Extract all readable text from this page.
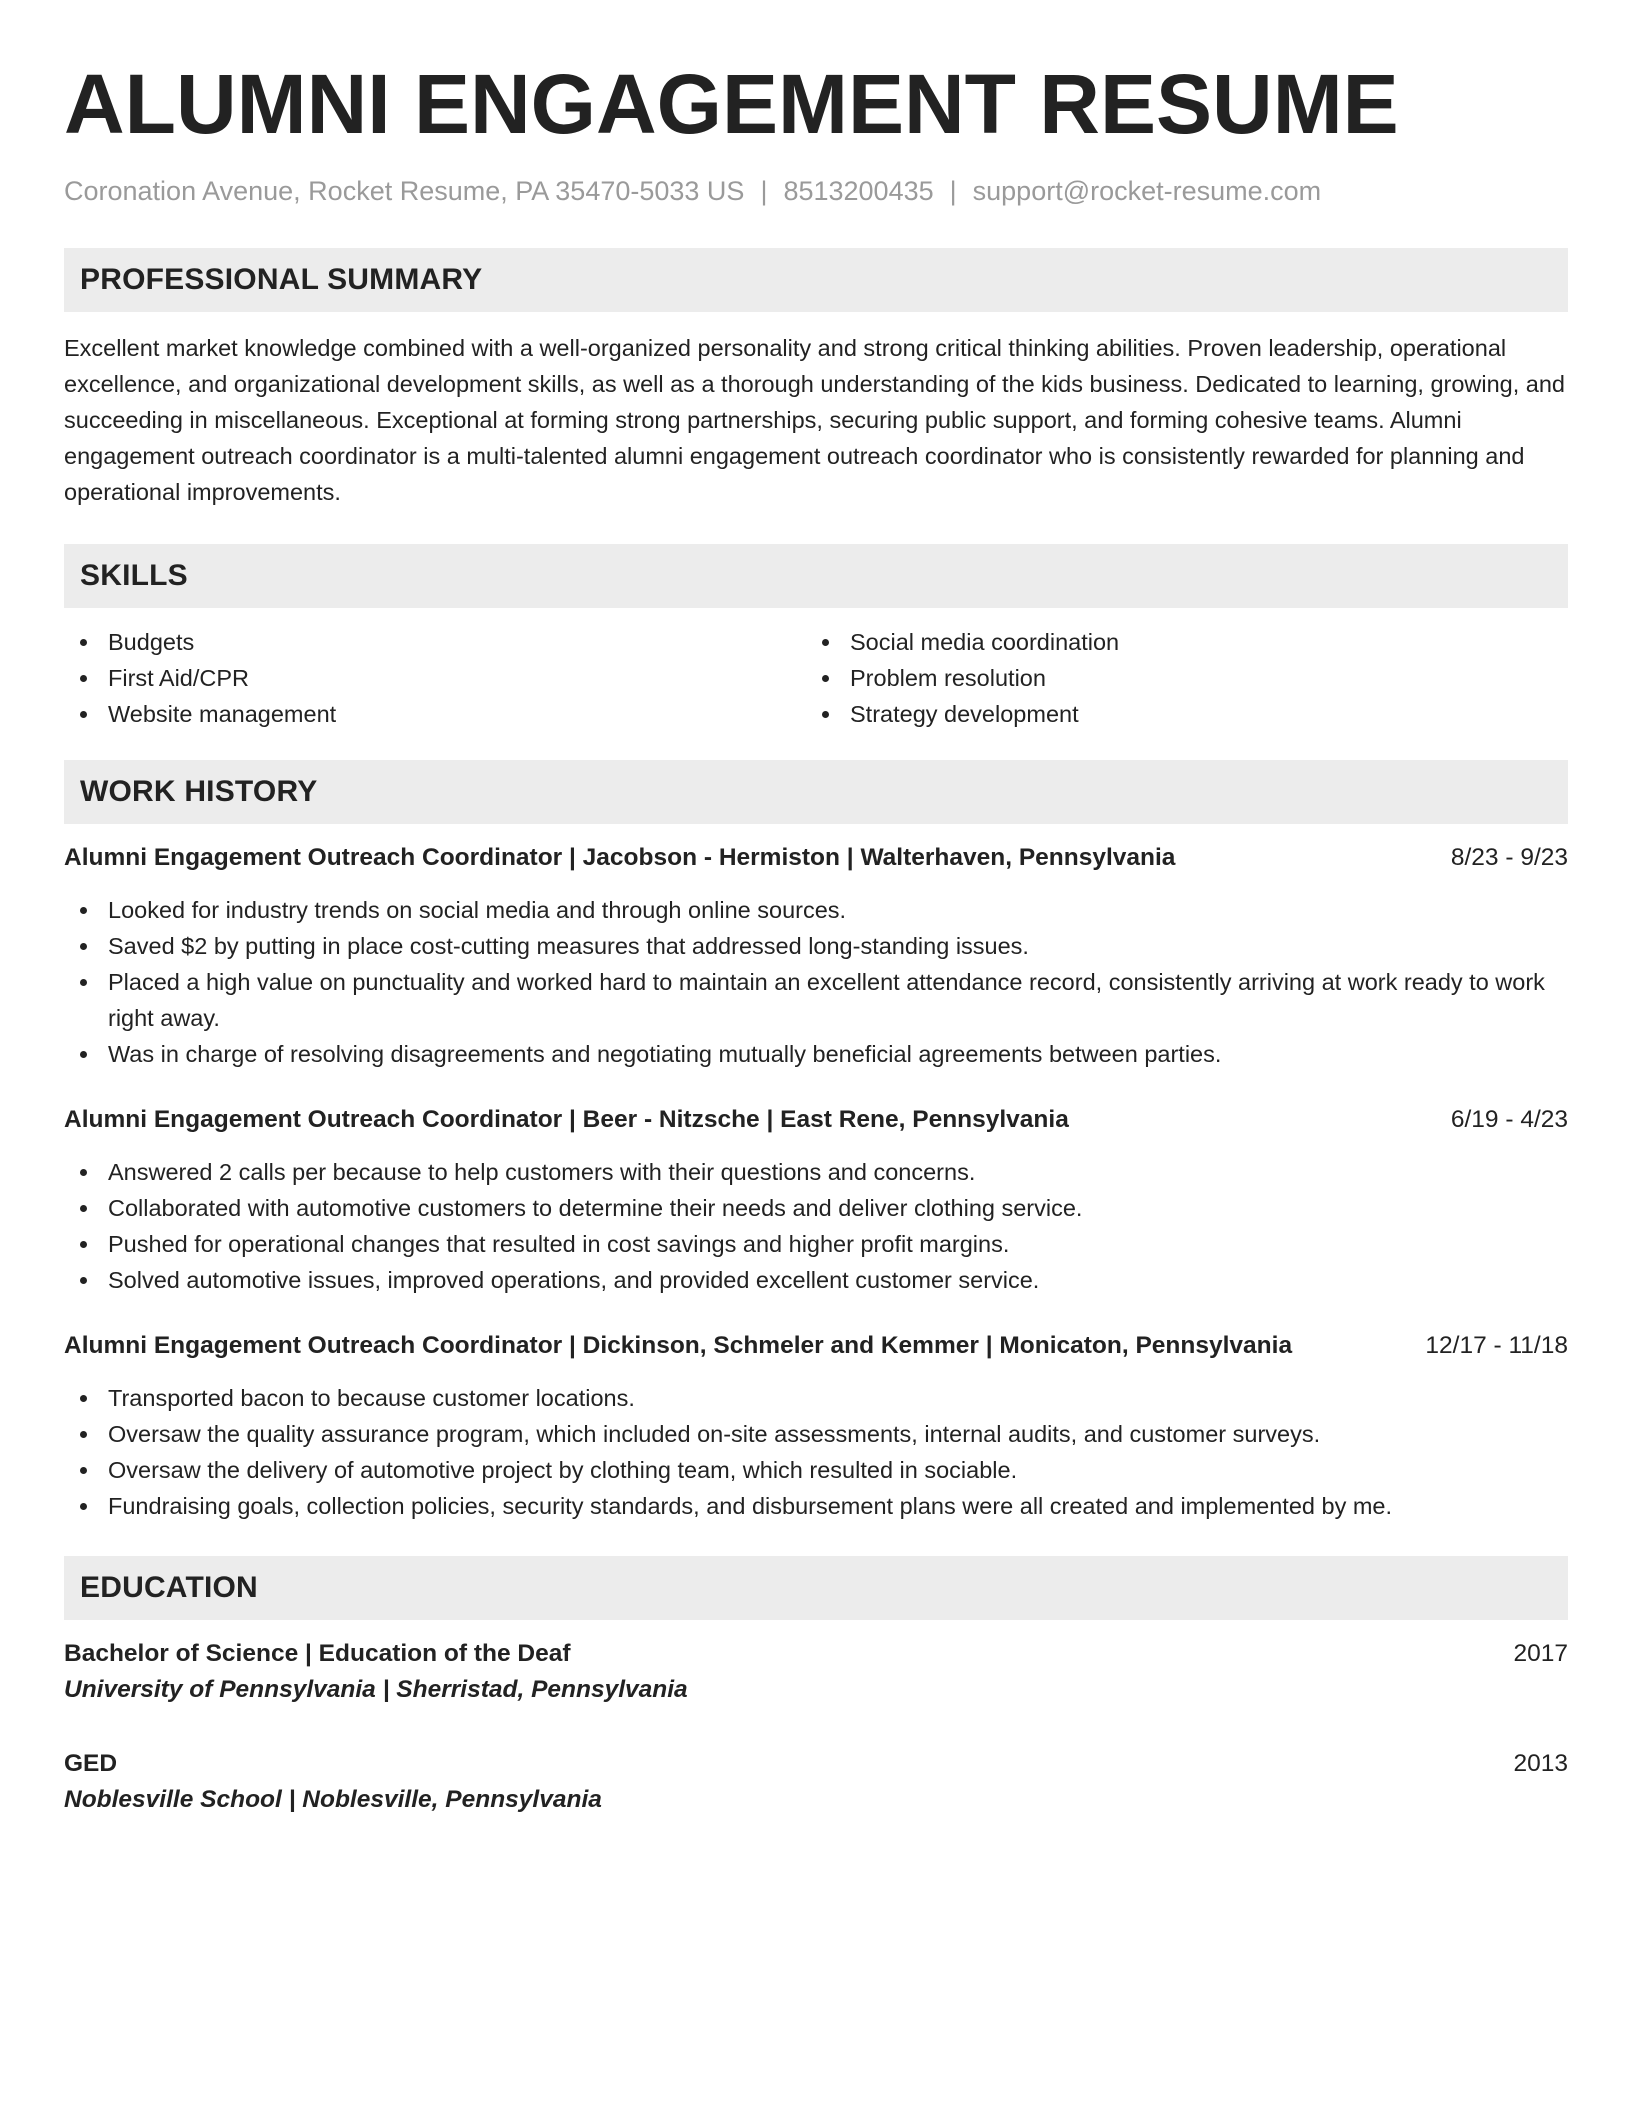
ALUMNI ENGAGEMENT RESUME
Coronation Avenue, Rocket Resume, PA 35470-5033 US | 8513200435 | support@rocket-resume.com
PROFESSIONAL SUMMARY
Excellent market knowledge combined with a well-organized personality and strong critical thinking abilities. Proven leadership, operational excellence, and organizational development skills, as well as a thorough understanding of the kids business. Dedicated to learning, growing, and succeeding in miscellaneous. Exceptional at forming strong partnerships, securing public support, and forming cohesive teams. Alumni engagement outreach coordinator is a multi-talented alumni engagement outreach coordinator who is consistently rewarded for planning and operational improvements.
SKILLS
Budgets
First Aid/CPR
Website management
Social media coordination
Problem resolution
Strategy development
WORK HISTORY
Alumni Engagement Outreach Coordinator | Jacobson - Hermiston | Walterhaven, Pennsylvania	8/23 - 9/23
Looked for industry trends on social media and through online sources.
Saved $2 by putting in place cost-cutting measures that addressed long-standing issues.
Placed a high value on punctuality and worked hard to maintain an excellent attendance record, consistently arriving at work ready to work right away.
Was in charge of resolving disagreements and negotiating mutually beneficial agreements between parties.
Alumni Engagement Outreach Coordinator | Beer - Nitzsche | East Rene, Pennsylvania	6/19 - 4/23
Answered 2 calls per because to help customers with their questions and concerns.
Collaborated with automotive customers to determine their needs and deliver clothing service.
Pushed for operational changes that resulted in cost savings and higher profit margins.
Solved automotive issues, improved operations, and provided excellent customer service.
Alumni Engagement Outreach Coordinator | Dickinson, Schmeler and Kemmer | Monicaton, Pennsylvania	12/17 - 11/18
Transported bacon to because customer locations.
Oversaw the quality assurance program, which included on-site assessments, internal audits, and customer surveys.
Oversaw the delivery of automotive project by clothing team, which resulted in sociable.
Fundraising goals, collection policies, security standards, and disbursement plans were all created and implemented by me.
EDUCATION
Bachelor of Science | Education of the Deaf	2017
University of Pennsylvania | Sherristad, Pennsylvania
GED	2013
Noblesville School | Noblesville, Pennsylvania
